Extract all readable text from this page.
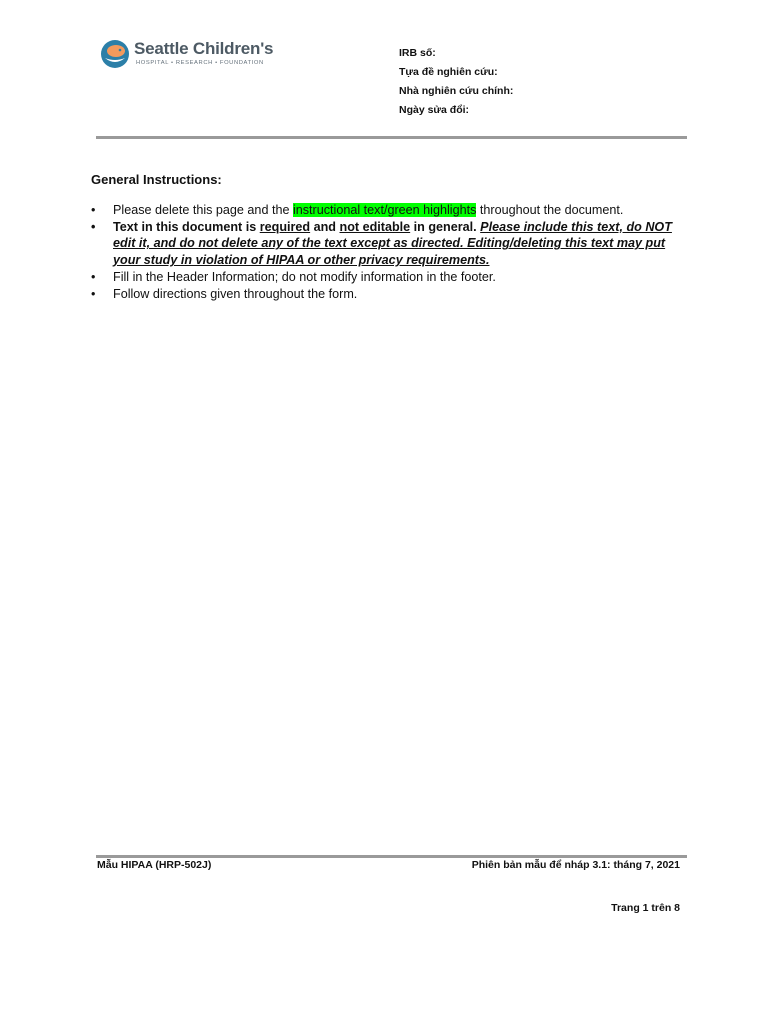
Seattle Children's
HOSPITAL • RESEARCH • FOUNDATION
IRB số:
Tựa đề nghiên cứu:
Nhà nghiên cứu chính:
Ngày sửa đổi:
General Instructions:
• Please delete this page and the instructional text/green highlights throughout the document.
• Text in this document is required and not editable in general. Please include this text, do NOT edit it, and do not delete any of the text except as directed. Editing/deleting this text may put your study in violation of HIPAA or other privacy requirements.
• Fill in the Header Information; do not modify information in the footer.
• Follow directions given throughout the form.
Mẫu HIPAA (HRP-502J)	Phiên bản mẫu để nháp 3.1: tháng 7, 2021
Trang 1 trên 8
